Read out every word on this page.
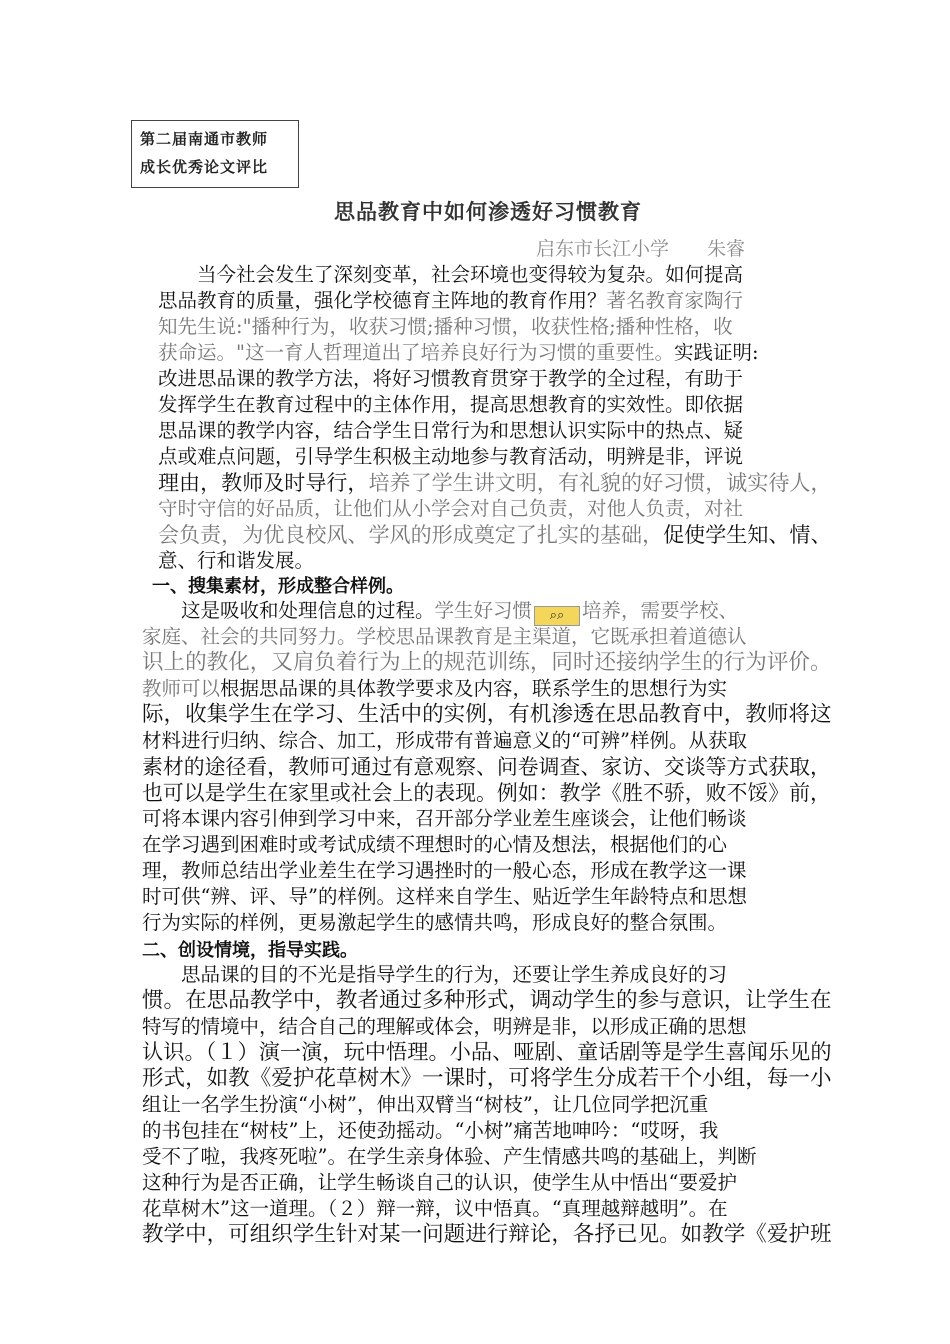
第二届南通市教师
成长优秀论文评比
思品教育中如何渗透好习惯教育
启东市长江小学 朱睿
　　当今社会发生了深刻变革，社会环境也变得较为复杂。如何提高
思品教育的质量，强化学校德育主阵地的教育作用？著名教育家陶行
知先生说:"播种行为，收获习惯;播种习惯，收获性格;播种性格，收
获命运。"这一育人哲理道出了培养良好行为习惯的重要性。实践证明:
改进思品课的教学方法，将好习惯教育贯穿于教学的全过程，有助于
发挥学生在教育过程中的主体作用，提高思想教育的实效性。即依据
思品课的教学内容，结合学生日常行为和思想认识实际中的热点、疑
点或难点问题，引导学生积极主动地参与教育活动，明辨是非，评说
理由，教师及时导行，培养了学生讲文明，有礼貌的好习惯，诚实待人，
守时守信的好品质，让他们从小学会对自己负责，对他人负责，对社
会负责，为优良校风、学风的形成奠定了扎实的基础，促使学生知、情、
意、行和谐发展。
一、搜集素材，形成整合样例。
　　这是吸收和处理信息的过程。学生好习惯 ⌕⌕ 培养，需要学校、
家庭、社会的共同努力。学校思品课教育是主渠道，它既承担着道德认
识上的教化，又肩负着行为上的规范训练，同时还接纳学生的行为评价。
教师可以根据思品课的具体教学要求及内容，联系学生的思想行为实
际，收集学生在学习、生活中的实例，有机渗透在思品教育中，教师将这
材料进行归纳、综合、加工，形成带有普遍意义的“可辨”样例。从获取
素材的途径看，教师可通过有意观察、问卷调查、家访、交谈等方式获取，
也可以是学生在家里或社会上的表现。例如：教学《胜不骄，败不馁》前，
可将本课内容引伸到学习中来，召开部分学业差生座谈会，让他们畅谈
在学习遇到困难时或考试成绩不理想时的心情及想法，根据他们的心
理，教师总结出学业差生在学习遇挫时的一般心态，形成在教学这一课
时可供“辨、评、导”的样例。这样来自学生、贴近学生年龄特点和思想
行为实际的样例，更易激起学生的感情共鸣，形成良好的整合氛围。
二、创设情境，指导实践。
　　思品课的目的不光是指导学生的行为，还要让学生养成良好的习
惯。在思品教学中，教者通过多种形式，调动学生的参与意识，让学生在
特写的情境中，结合自己的理解或体会，明辨是非，以形成正确的思想
认识。（１）演一演，玩中悟理。小品、哑剧、童话剧等是学生喜闻乐见的
形式，如教《爱护花草树木》一课时，可将学生分成若干个小组，每一小
组让一名学生扮演“小树”，伸出双臂当“树枝”，让几位同学把沉重
的书包挂在“树枝”上，还使劲摇动。“小树”痛苦地呻吟：“哎呀，我
受不了啦，我疼死啦”。在学生亲身体验、产生情感共鸣的基础上，判断
这种行为是否正确，让学生畅谈自己的认识，使学生从中悟出“要爱护
花草树木”这一道理。（２）辩一辩，议中悟真。“真理越辩越明”。在
教学中，可组织学生针对某一问题进行辩论，各抒已见。如教学《爱护班
